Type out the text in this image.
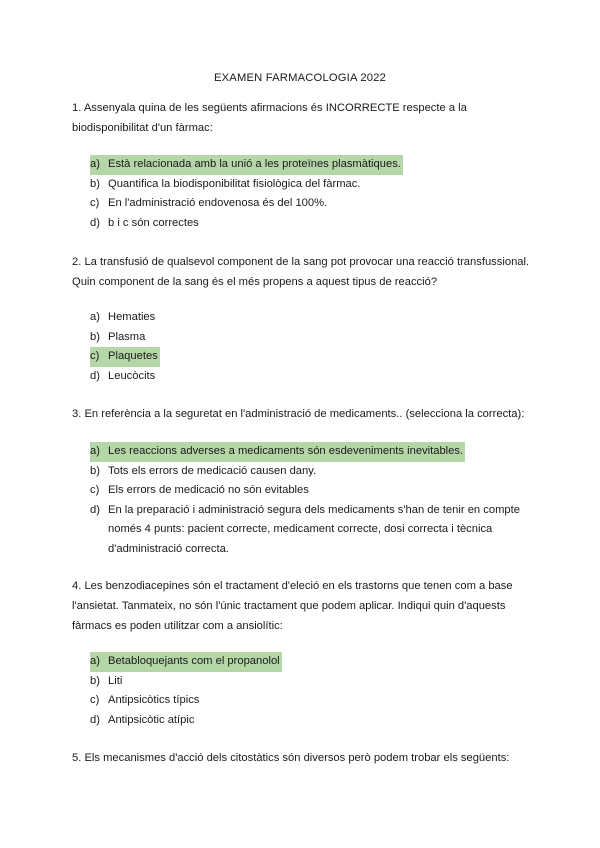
EXAMEN FARMACOLOGIA 2022
1. Assenyala quina de les següents afirmacions és INCORRECTE respecte a la biodisponibilitat d'un fàrmac:
a) Està relacionada amb la unió a les proteïnes plasmàtiques.
b) Quantifica la biodisponibilitat fisiològica del fàrmac.
c) En l'administració endovenosa és del 100%.
d) b i c són correctes
2. La transfusió de qualsevol component de la sang pot provocar una reacció transfussional. Quin component de la sang és el més propens a aquest tipus de reacció?
a) Hematies
b) Plasma
c) Plaquetes
d) Leucòcits
3. En referència a la seguretat en l'administració de medicaments.. (selecciona la correcta):
a) Les reaccions adverses a medicaments són esdeveniments inevitables.
b) Tots els errors de medicació causen dany.
c) Els errors de medicació no són evitables
d) En la preparació i administració segura dels medicaments s'han de tenir en compte només 4 punts: pacient correcte, medicament correcte, dosi correcta i tècnica d'administració correcta.
4. Les benzodiacepines són el tractament d'eleció en els trastorns que tenen com a base l'ansietat. Tanmateix, no són l'únic tractament que podem aplicar. Indiqui quin d'aquests fàrmacs es poden utilitzar com a ansiolític:
a) Betabloquejants com el propanolol
b) Liti
c) Antipsicòtics típics
d) Antipsicòtic atípic
5. Els mecanismes d'acció dels citostàtics són diversos però podem trobar els següents:
